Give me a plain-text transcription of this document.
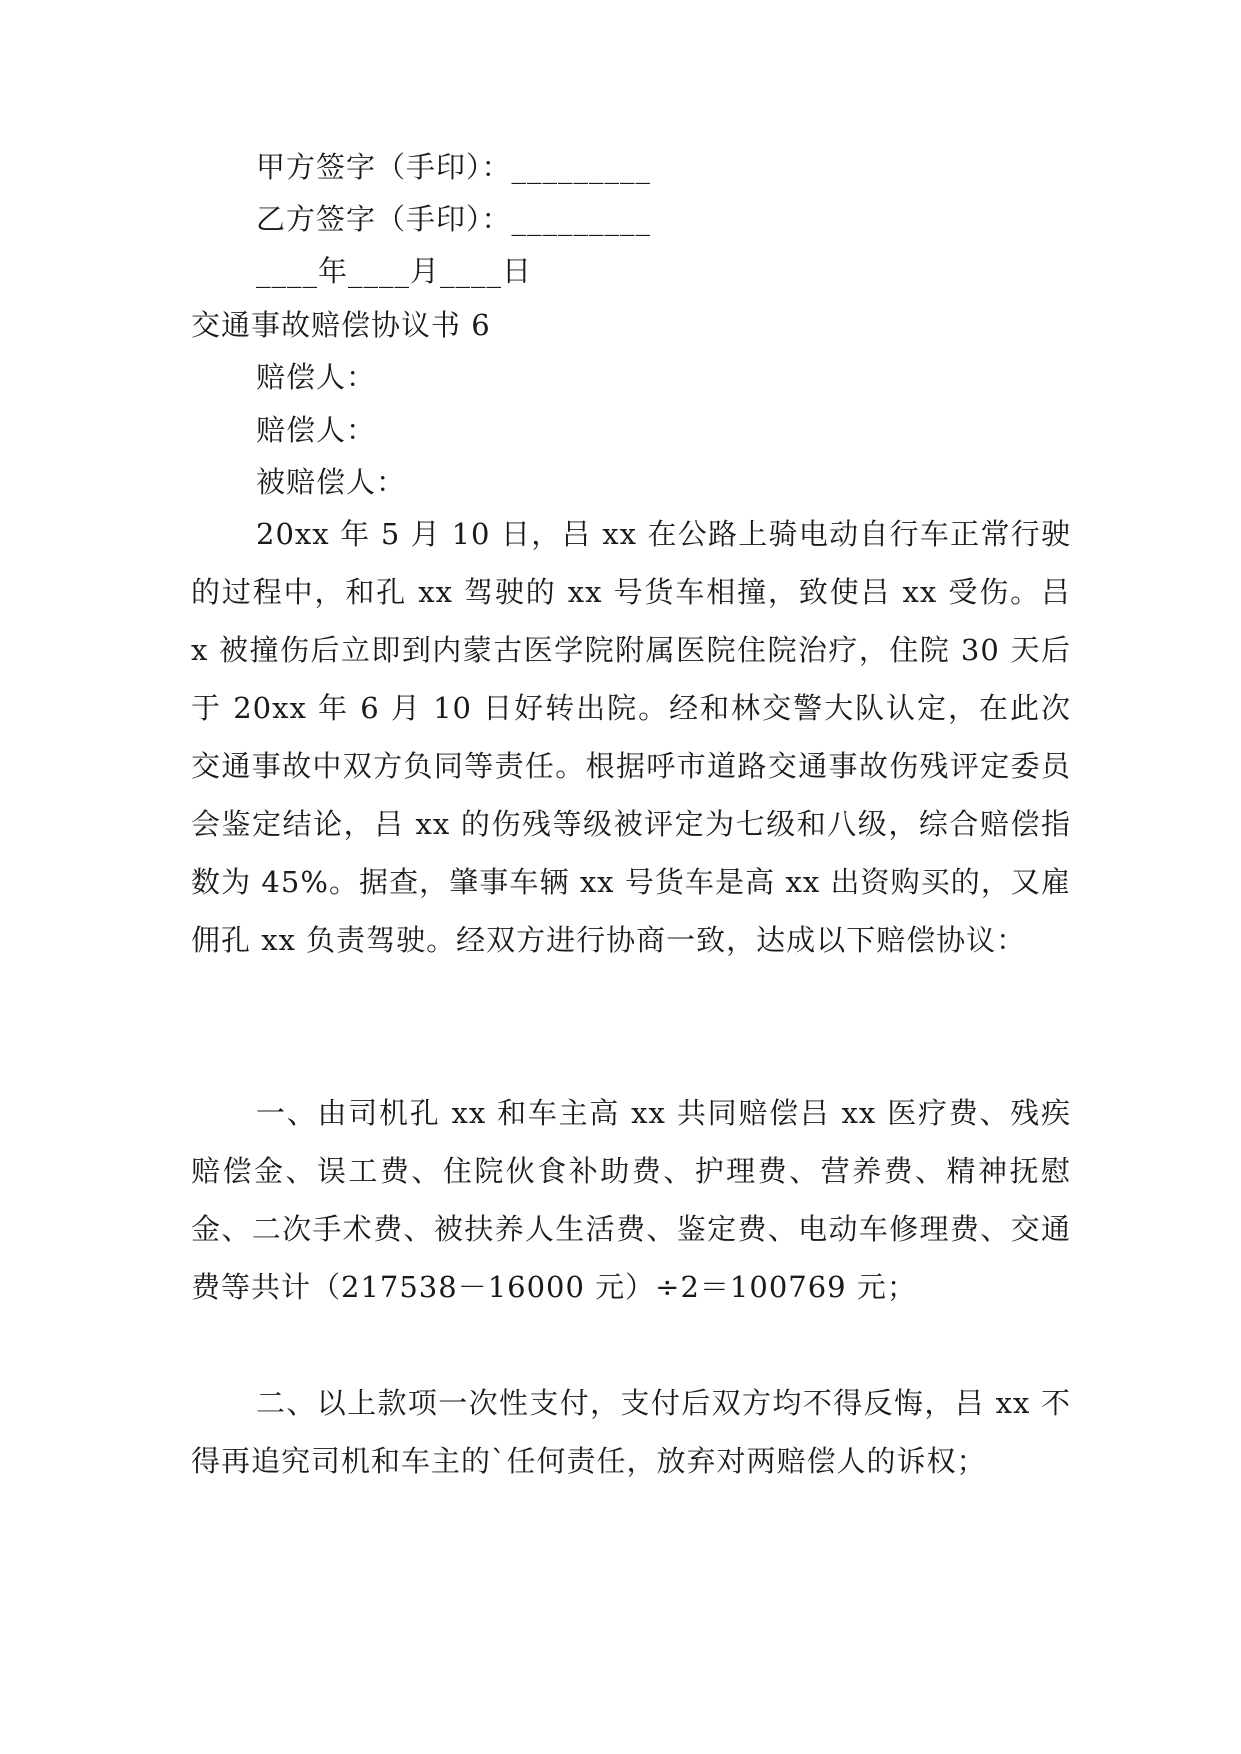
甲方签字（手印）：_________
乙方签字（手印）：_________
____年____月____日
交通事故赔偿协议书 6
赔偿人：
赔偿人：
被赔偿人：

20xx 年 5 月 10 日，吕 xx 在公路上骑电动自行车正常行驶的过程中，和孔 xx 驾驶的 xx 号货车相撞，致使吕 xx 受伤。吕 x 被撞伤后立即到内蒙古医学院附属医院住院治疗，住院 30 天后于 20xx 年 6 月 10 日好转出院。经和林交警大队认定，在此次交通事故中双方负同等责任。根据呼市道路交通事故伤残评定委员会鉴定结论，吕 xx 的伤残等级被评定为七级和八级，综合赔偿指数为 45%。据查，肇事车辆 xx 号货车是高 xx 出资购买的，又雇佣孔 xx 负责驾驶。经双方进行协商一致，达成以下赔偿协议：

一、由司机孔 xx 和车主高 xx 共同赔偿吕 xx 医疗费、残疾赔偿金、误工费、住院伙食补助费、护理费、营养费、精神抚慰金、二次手术费、被扶养人生活费、鉴定费、电动车修理费、交通费等共计（217538－16000 元）÷2＝100769 元；

二、以上款项一次性支付，支付后双方均不得反悔，吕 xx 不得再追究司机和车主的`任何责任，放弃对两赔偿人的诉权；
